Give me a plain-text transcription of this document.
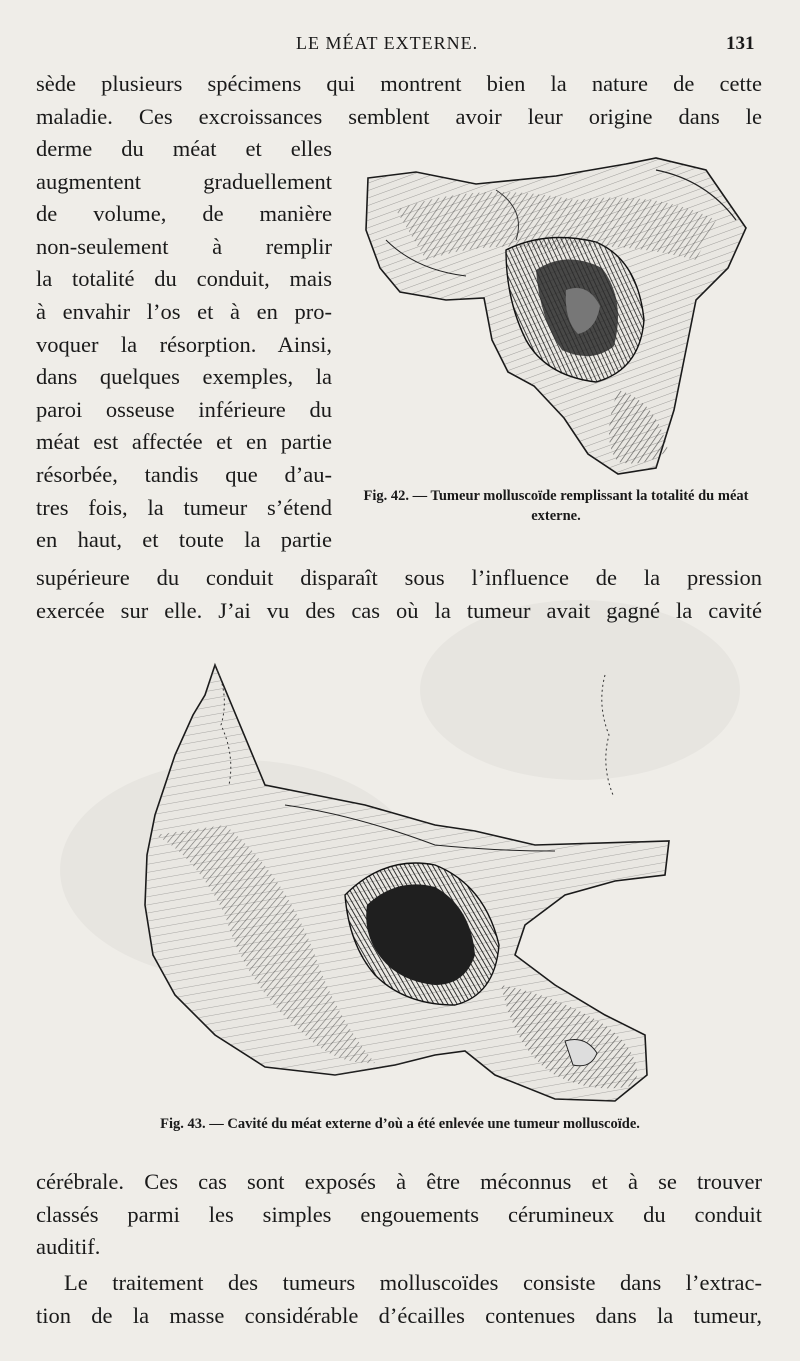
LE MÉAT EXTERNE.	131
sède plusieurs spécimens qui montrent bien la nature de cette
maladie. Ces excroissances semblent avoir leur origine dans le
derme du méat et elles
augmentent graduellement
de volume, de manière
non-seulement à remplir
la totalité du conduit, mais
à envahir l’os et à en pro-
voquer la résorption. Ainsi,
dans quelques exemples, la
paroi osseuse inférieure du
méat est affectée et en partie
résorbée, tandis que d’au-
tres fois, la tumeur s’étend
en haut, et toute la partie
supérieure du conduit disparaît sous l’influence de la pression
exercée sur elle. J’ai vu des cas où la tumeur avait gagné la cavité
Fig. 42. — Tumeur molluscoïde remplissant la totalité du méat externe.
Fig. 43. — Cavité du méat externe d’où a été enlevée une tumeur molluscoïde.
cérébrale. Ces cas sont exposés à être méconnus et à se trouver
classés parmi les simples engouements cérumineux du conduit
auditif.
Le traitement des tumeurs molluscoïdes consiste dans l’extrac-
tion de la masse considérable d’écailles contenues dans la tumeur,
